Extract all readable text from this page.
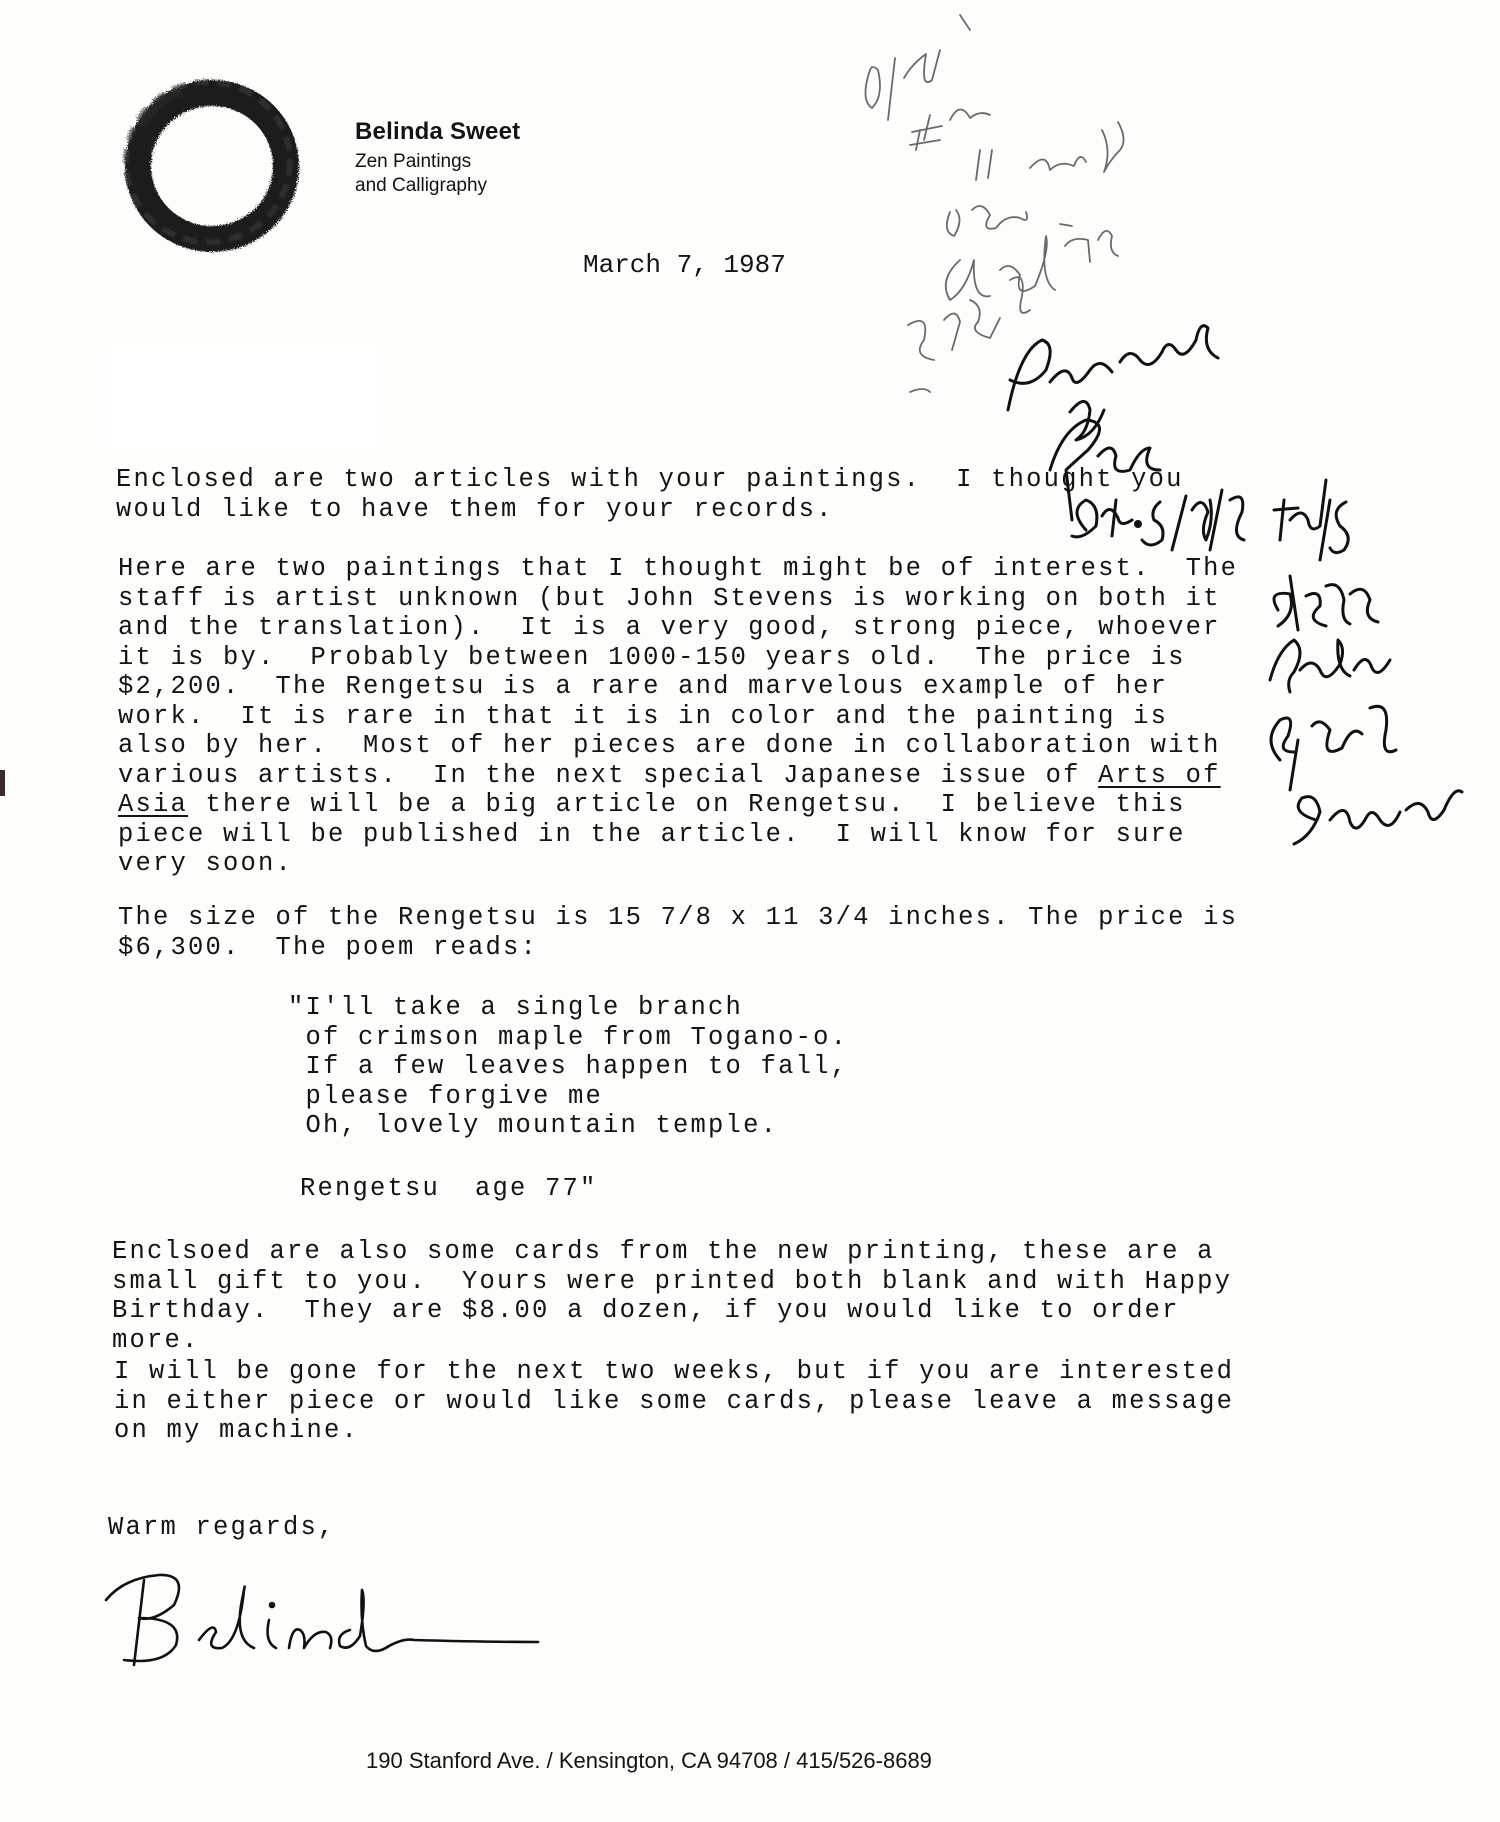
Belinda Sweet
Zen Paintings
and Calligraphy
March 7, 1987
Enclosed are two articles with your paintings.  I thought you
would like to have them for your records.
Here are two paintings that I thought might be of interest.  The
staff is artist unknown (but John Stevens is working on both it
and the translation).  It is a very good, strong piece, whoever
it is by.  Probably between 1000-150 years old.  The price is
$2,200.  The Rengetsu is a rare and marvelous example of her
work.  It is rare in that it is in color and the painting is
also by her.  Most of her pieces are done in collaboration with
various artists.  In the next special Japanese issue of Arts of
Asia there will be a big article on Rengetsu.  I believe this
piece will be published in the article.  I will know for sure
very soon.
The size of the Rengetsu is 15 7/8 x 11 3/4 inches. The price is
$6,300.  The poem reads:
"I'll take a single branch
of crimson maple from Togano-o.
If a few leaves happen to fall,
please forgive me
Oh, lovely mountain temple.
Rengetsu  age 77"
Enclsoed are also some cards from the new printing, these are a
small gift to you.  Yours were printed both blank and with Happy
Birthday.  They are $8.00 a dozen, if you would like to order
more.
I will be gone for the next two weeks, but if you are interested
in either piece or would like some cards, please leave a message
on my machine.
Warm regards,
190 Stanford Ave. / Kensington, CA 94708 / 415/526-8689
